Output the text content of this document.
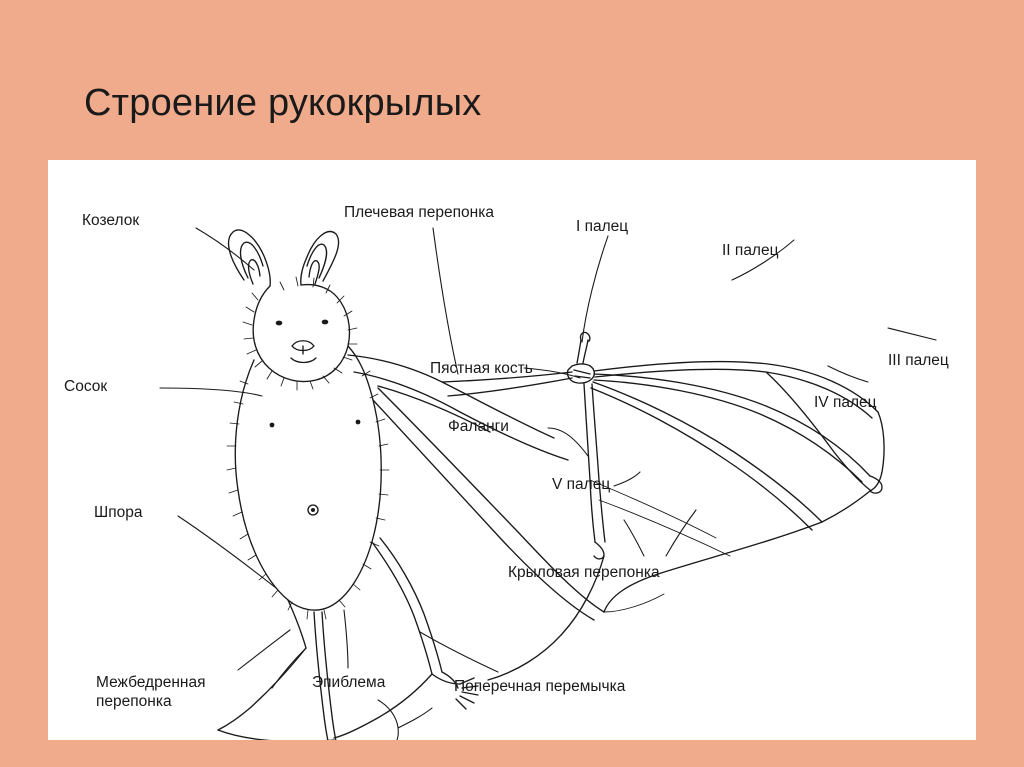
Строение рукокрылых
Козелок	Плечевая перепонка
I палец
II палец
III палец
IV палец
V палец
Пястная кость
Фаланги
Сосок
Шпора
Крыловая перепонка
Межбедренная перепонка
Эпиблема	Поперечная перемычка
